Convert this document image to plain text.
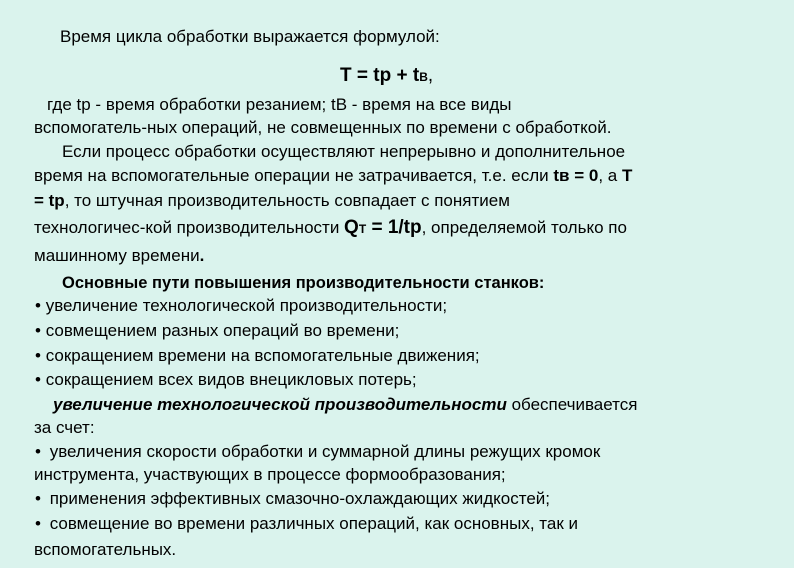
Время цикла обработки выражается формулой:
T = tр + tВ,
где tр - время обработки резанием; tВ - время на все виды
вспомогатель-ных операций, не совмещенных по времени с обработкой.
Если процесс обработки осуществляют непрерывно и дополнительное
время на вспомогательные операции не затрачивается, т.е. если tв = 0, а T
= tр, то штучная производительность совпадает с понятием
технологичес-кой производительности QТ = 1/tр, определяемой только по
машинному времени.
Основные пути повышения производительности станков:
• увеличение технологической производительности;
• совмещением разных операций во времени;
• сокращением времени на вспомогательные движения;
• сокращением всех видов внецикловых потерь;
увеличение технологической производительности обеспечивается
за счет:
• увеличения скорости обработки и суммарной длины режущих кромок
инструмента, участвующих в процессе формообразования;
• применения эффективных смазочно-охлаждающих жидкостей;
• совмещение во времени различных операций, как основных, так и
вспомогательных.
